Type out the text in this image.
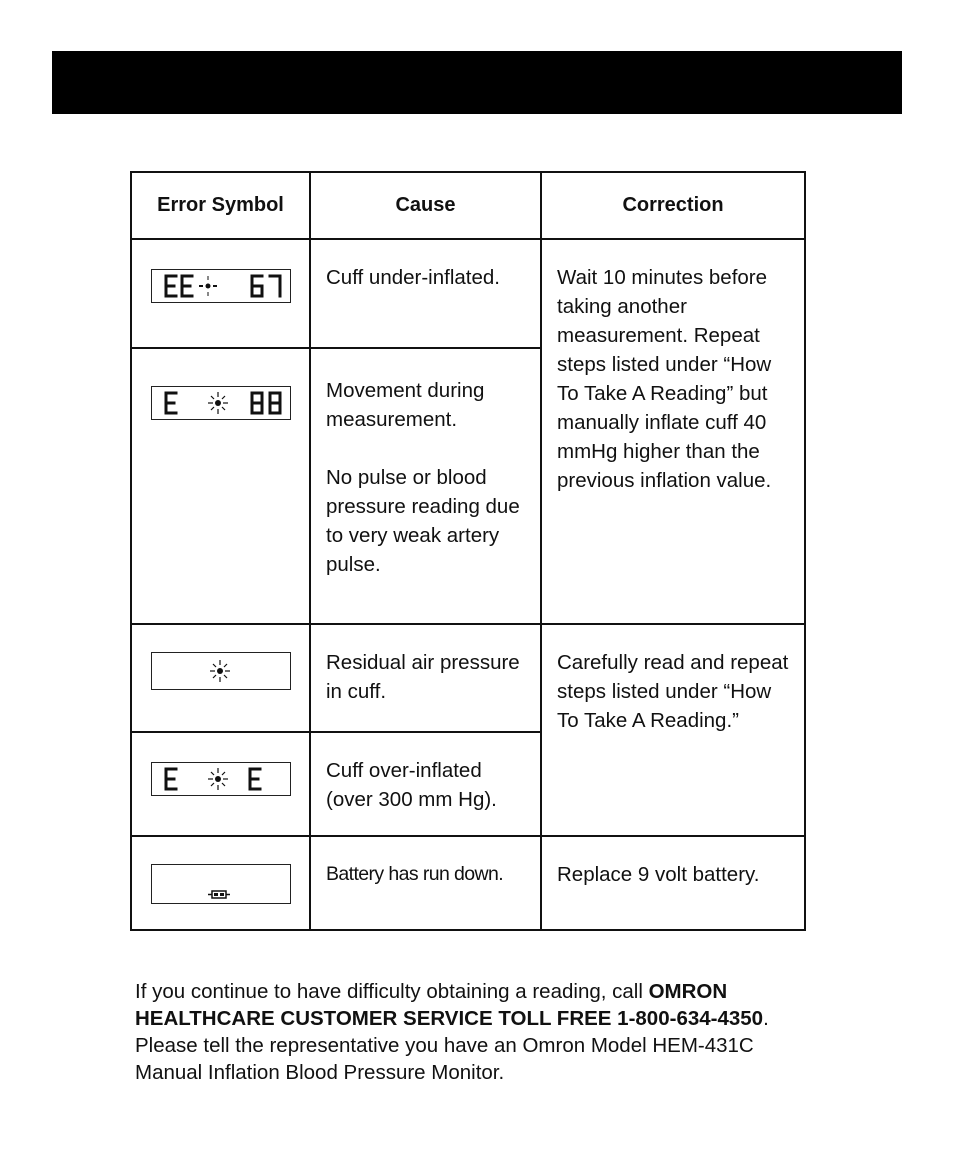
Error Symbol	Cause	Correction

Cuff under-inflated.	Wait 10 minutes before taking another measurement. Repeat steps listed under “How To Take A Reading” but manually inflate cuff 40 mmHg higher than the previous inflation value.

Movement during measurement.

No pulse or blood pressure reading due to very weak artery pulse.	

Residual air pressure in cuff.	Carefully read and repeat steps listed under “How To Take A Reading.”

Cuff over-inflated (over 300 mm Hg).	

Battery has run down.	Replace 9 volt battery.

If you continue to have difficulty obtaining a reading, call OMRON HEALTHCARE CUSTOMER SERVICE TOLL FREE 1-800-634-4350. Please tell the representative you have an Omron Model HEM-431C Manual Inflation Blood Pressure Monitor.
